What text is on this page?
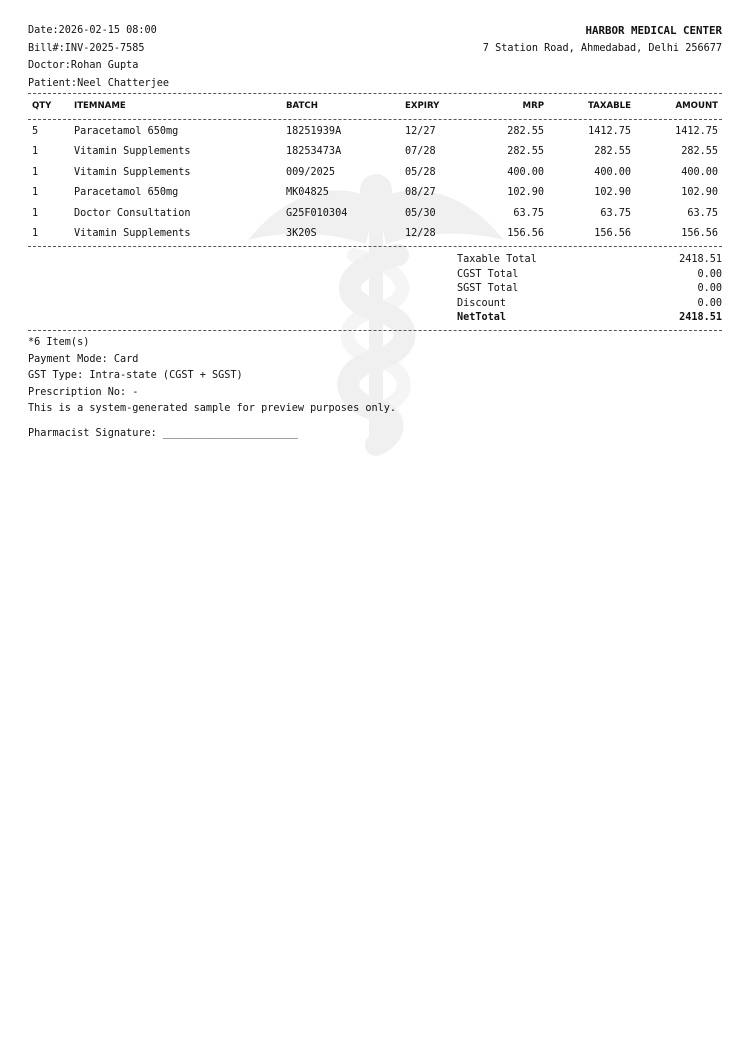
Date:2026-02-15 08:00
Bill#:INV-2025-7585
Doctor:Rohan Gupta
Patient:Neel Chatterjee
HARBOR MEDICAL CENTER
7 Station Road, Ahmedabad, Delhi 256677
QTY	ITEMNAME	BATCH	EXPIRY	MRP	TAXABLE	AMOUNT
5	Paracetamol 650mg	18251939A	12/27	282.55	1412.75	1412.75
1	Vitamin Supplements	18253473A	07/28	282.55	282.55	282.55
1	Vitamin Supplements	009/2025	05/28	400.00	400.00	400.00
1	Paracetamol 650mg	MK04825	08/27	102.90	102.90	102.90
1	Doctor Consultation	G25F010304	05/30	63.75	63.75	63.75
1	Vitamin Supplements	3K20S	12/28	156.56	156.56	156.56
Taxable Total	2418.51
CGST Total	0.00
SGST Total	0.00
Discount	0.00
NetTotal	2418.51
*6 Item(s)
Payment Mode: Card
GST Type: Intra-state (CGST + SGST)
Prescription No: -
This is a system-generated sample for preview purposes only.
Pharmacist Signature: ______________________
